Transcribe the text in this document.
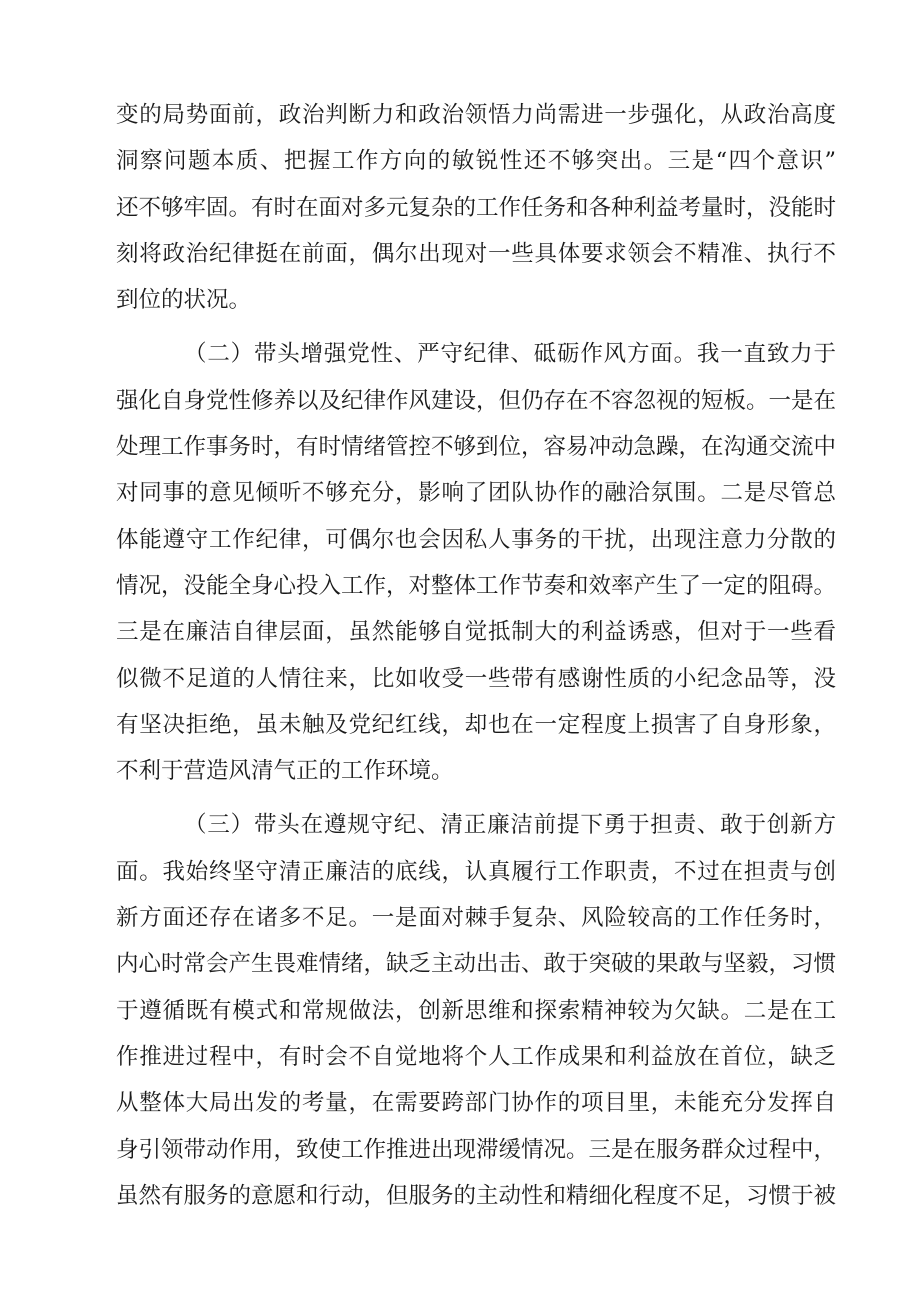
变的局势面前，政治判断力和政治领悟力尚需进一步强化，从政治高度
洞察问题本质、把握工作方向的敏锐性还不够突出。三是“四个意识”
还不够牢固。有时在面对多元复杂的工作任务和各种利益考量时，没能时
刻将政治纪律挺在前面，偶尔出现对一些具体要求领会不精准、执行不
到位的状况。
（二）带头增强党性、严守纪律、砥砺作风方面。我一直致力于
强化自身党性修养以及纪律作风建设，但仍存在不容忽视的短板。一是在
处理工作事务时，有时情绪管控不够到位，容易冲动急躁，在沟通交流中
对同事的意见倾听不够充分，影响了团队协作的融洽氛围。二是尽管总
体能遵守工作纪律，可偶尔也会因私人事务的干扰，出现注意力分散的
情况，没能全身心投入工作，对整体工作节奏和效率产生了一定的阻碍。
三是在廉洁自律层面，虽然能够自觉抵制大的利益诱惑，但对于一些看
似微不足道的人情往来，比如收受一些带有感谢性质的小纪念品等，没
有坚决拒绝，虽未触及党纪红线，却也在一定程度上损害了自身形象，
不利于营造风清气正的工作环境。
（三）带头在遵规守纪、清正廉洁前提下勇于担责、敢于创新方
面。我始终坚守清正廉洁的底线，认真履行工作职责，不过在担责与创
新方面还存在诸多不足。一是面对棘手复杂、风险较高的工作任务时，
内心时常会产生畏难情绪，缺乏主动出击、敢于突破的果敢与坚毅，习惯
于遵循既有模式和常规做法，创新思维和探索精神较为欠缺。二是在工
作推进过程中，有时会不自觉地将个人工作成果和利益放在首位，缺乏
从整体大局出发的考量，在需要跨部门协作的项目里，未能充分发挥自
身引领带动作用，致使工作推进出现滞缓情况。三是在服务群众过程中，
虽然有服务的意愿和行动，但服务的主动性和精细化程度不足，习惯于被
